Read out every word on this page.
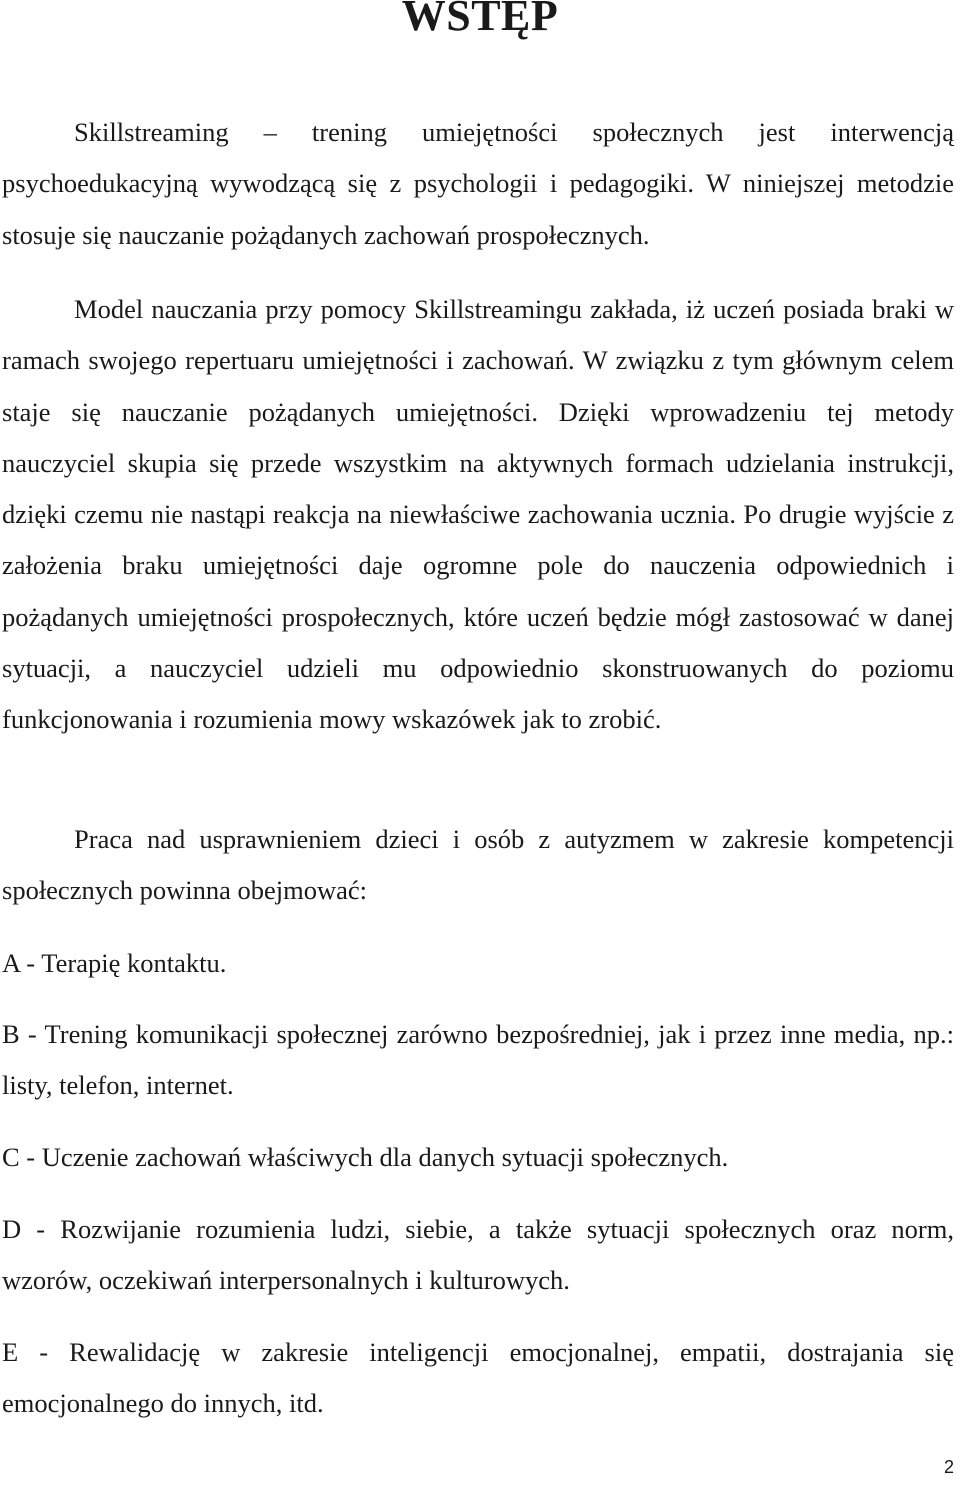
WSTĘP

Skillstreaming – trening umiejętności społecznych jest interwencją psychoedukacyjną wywodzącą się z psychologii i pedagogiki. W niniejszej metodzie stosuje się nauczanie pożądanych zachowań prospołecznych.

Model nauczania przy pomocy Skillstreamingu zakłada, iż uczeń posiada braki w ramach swojego repertuaru umiejętności i zachowań. W związku z tym głównym celem staje się nauczanie pożądanych umiejętności. Dzięki wprowadzeniu tej metody nauczyciel skupia się przede wszystkim na aktywnych formach udzielania instrukcji, dzięki czemu nie nastąpi reakcja na niewłaściwe zachowania ucznia. Po drugie wyjście z założenia braku umiejętności daje ogromne pole do nauczenia odpowiednich i pożądanych umiejętności prospołecznych, które uczeń będzie mógł zastosować w danej sytuacji, a nauczyciel udzieli mu odpowiednio skonstruowanych do poziomu funkcjonowania i rozumienia mowy wskazówek jak to zrobić.

Praca nad usprawnieniem dzieci i osób z autyzmem w zakresie kompetencji społecznych powinna obejmować:

A - Terapię kontaktu.

B - Trening komunikacji społecznej zarówno bezpośredniej, jak i przez inne media, np.: listy, telefon, internet.

C - Uczenie zachowań właściwych dla danych sytuacji społecznych.

D - Rozwijanie rozumienia ludzi, siebie, a także sytuacji społecznych oraz norm, wzorów, oczekiwań interpersonalnych i kulturowych.

E - Rewalidację w zakresie inteligencji emocjonalnej, empatii, dostrajania się emocjonalnego do innych, itd.

2
